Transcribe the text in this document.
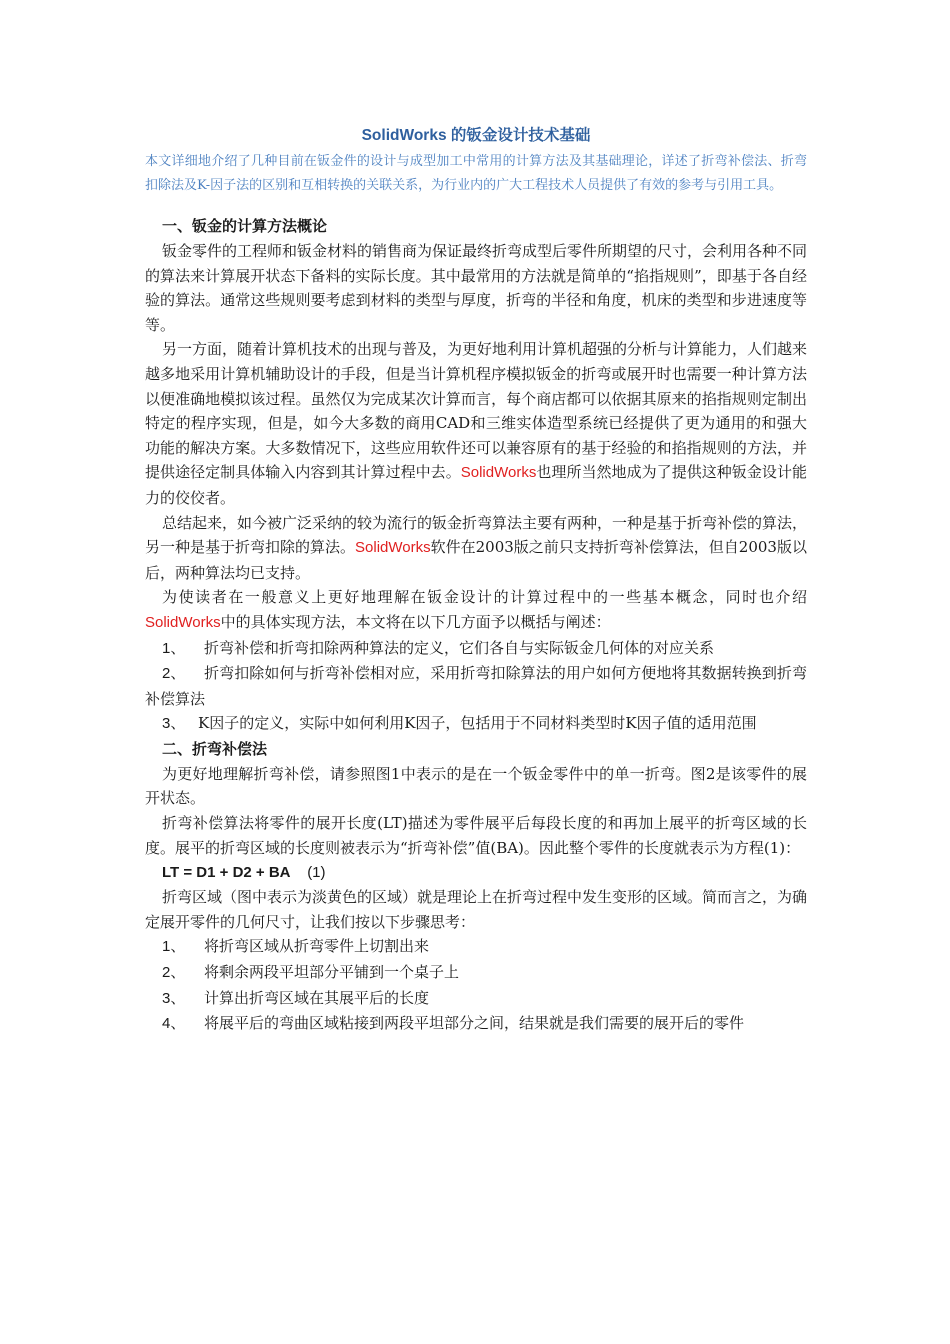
SolidWorks 的钣金设计技术基础

本文详细地介绍了几种目前在钣金件的设计与成型加工中常用的计算方法及其基础理论，详述了折弯补偿法、折弯扣除法及K-因子法的区别和互相转换的关联关系，为行业内的广大工程技术人员提供了有效的参考与引用工具。

一、钣金的计算方法概论

钣金零件的工程师和钣金材料的销售商为保证最终折弯成型后零件所期望的尺寸，会利用各种不同的算法来计算展开状态下备料的实际长度。其中最常用的方法就是简单的“掐指规则”，即基于各自经验的算法。通常这些规则要考虑到材料的类型与厚度，折弯的半径和角度，机床的类型和步进速度等等。

另一方面，随着计算机技术的出现与普及，为更好地利用计算机超强的分析与计算能力，人们越来越多地采用计算机辅助设计的手段，但是当计算机程序模拟钣金的折弯或展开时也需要一种计算方法以便准确地模拟该过程。虽然仅为完成某次计算而言，每个商店都可以依据其原来的掐指规则定制出特定的程序实现，但是，如今大多数的商用CAD和三维实体造型系统已经提供了更为通用的和强大功能的解决方案。大多数情况下，这些应用软件还可以兼容原有的基于经验的和掐指规则的方法，并提供途径定制具体输入内容到其计算过程中去。SolidWorks也理所当然地成为了提供这种钣金设计能力的佼佼者。

总结起来，如今被广泛采纳的较为流行的钣金折弯算法主要有两种，一种是基于折弯补偿的算法，另一种是基于折弯扣除的算法。SolidWorks软件在2003版之前只支持折弯补偿算法，但自2003版以后，两种算法均已支持。

为使读者在一般意义上更好地理解在钣金设计的计算过程中的一些基本概念，同时也介绍SolidWorks中的具体实现方法，本文将在以下几方面予以概括与阐述：

1、 折弯补偿和折弯扣除两种算法的定义，它们各自与实际钣金几何体的对应关系
2、 折弯扣除如何与折弯补偿相对应，采用折弯扣除算法的用户如何方便地将其数据转换到折弯补偿算法
3、 K因子的定义，实际中如何利用K因子，包括用于不同材料类型时K因子值的适用范围
二、折弯补偿法

为更好地理解折弯补偿，请参照图1中表示的是在一个钣金零件中的单一折弯。图2是该零件的展开状态。

折弯补偿算法将零件的展开长度(LT)描述为零件展平后每段长度的和再加上展平的折弯区域的长度。展平的折弯区域的长度则被表示为“折弯补偿”值(BA)。因此整个零件的长度就表示为方程(1)：

LT = D1 + D2 + BA (1)

折弯区域（图中表示为淡黄色的区域）就是理论上在折弯过程中发生变形的区域。简而言之，为确定展开零件的几何尺寸，让我们按以下步骤思考：

1、 将折弯区域从折弯零件上切割出来
2、 将剩余两段平坦部分平铺到一个桌子上
3、 计算出折弯区域在其展平后的长度
4、 将展平后的弯曲区域粘接到两段平坦部分之间，结果就是我们需要的展开后的零件
